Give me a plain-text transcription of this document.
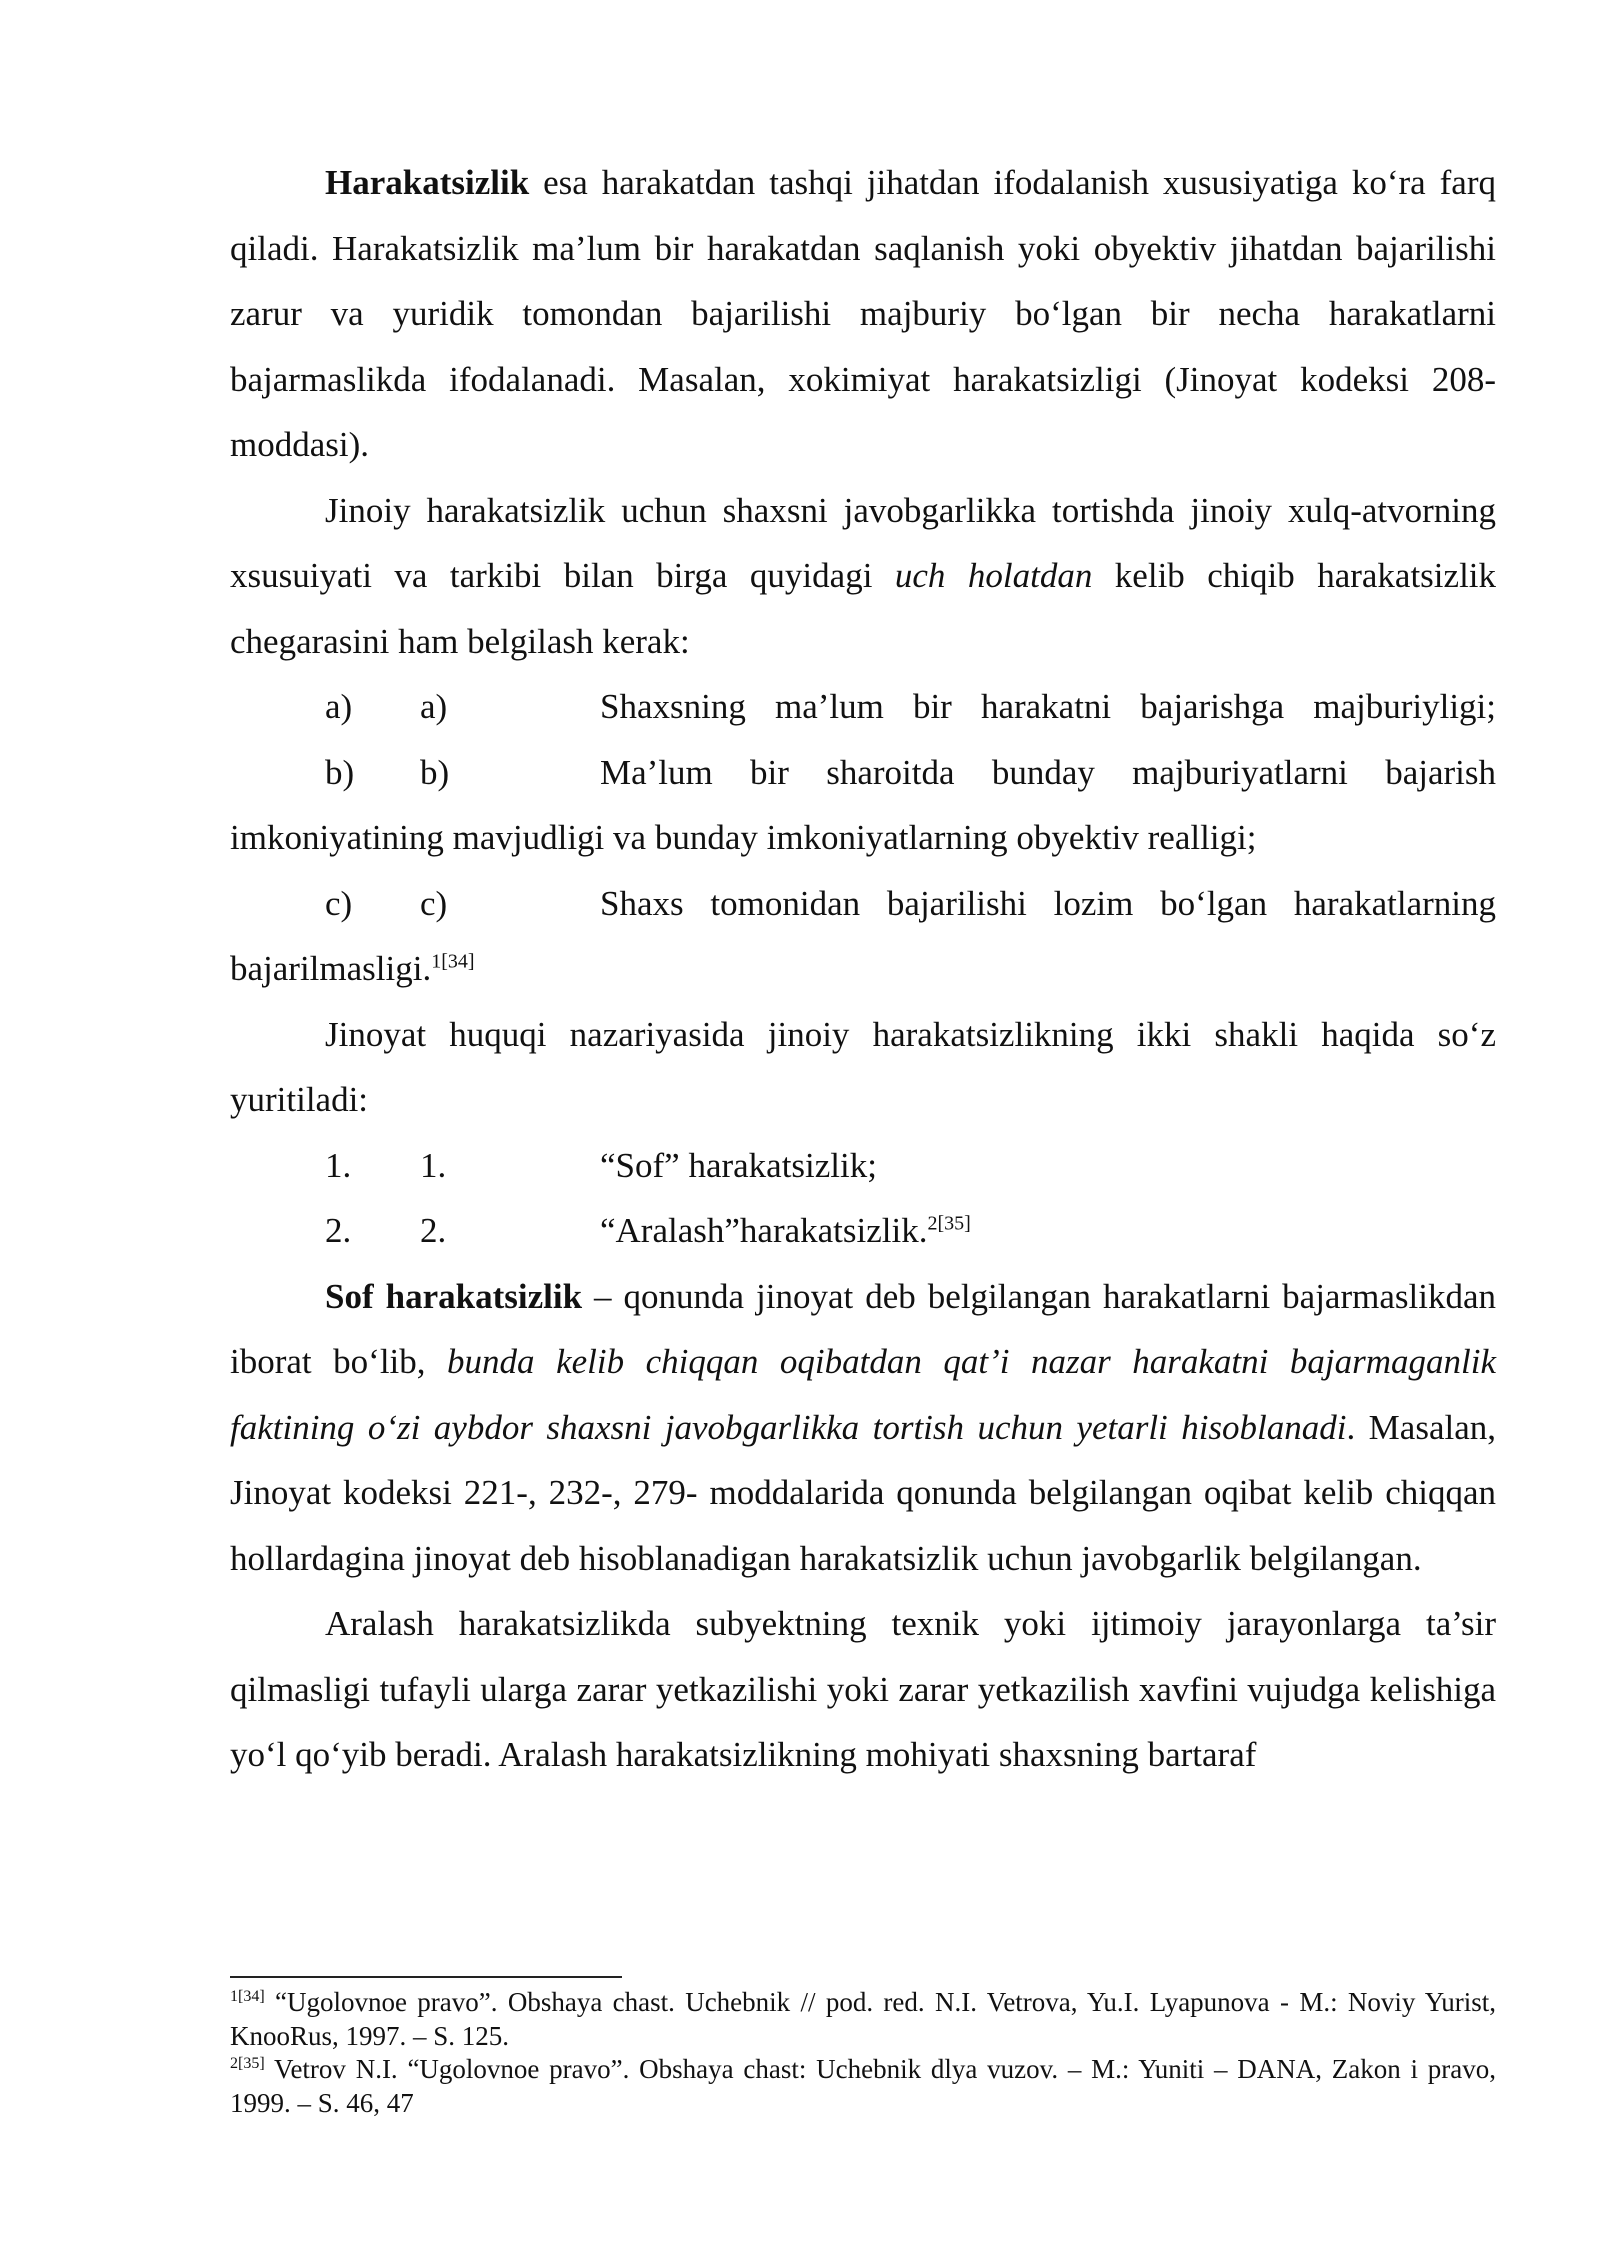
Harakatsizlik esa harakatdan tashqi jihatdan ifodalanish xususiyatiga ko‘ra farq qiladi. Harakatsizlik ma’lum bir harakatdan saqlanish yoki obyektiv jihatdan bajarilishi zarur va yuridik tomondan bajarilishi majburiy bo‘lgan bir necha harakatlarni bajarmaslikda ifodalanadi. Masalan, xokimiyat harakatsizligi (Jinoyat kodeksi 208- moddasi).

Jinoiy harakatsizlik uchun shaxsni javobgarlikka tortishda jinoiy xulq-atvorning xsusuiyati va tarkibi bilan birga quyidagi uch holatdan kelib chiqib harakatsizlik chegarasini ham belgilash kerak:

a)	a)	Shaxsning ma’lum bir harakatni bajarishga majburiyligi;

b) b)	Ma’lum bir sharoitda bunday majburiyatlarni bajarish imkoniyatining mavjudligi va bunday imkoniyatlarning obyektiv realligi;

c) c)	Shaxs tomonidan bajarilishi lozim bo‘lgan harakatlarning bajarilmasligi.$^{1[34]}$

Jinoyat huquqi nazariyasida jinoiy harakatsizlikning ikki shakli haqida so‘z yuritiladi:

1.	1.	“Sof” harakatsizlik;
2.	2.	“Aralash”harakatsizlik.$^{2[35]}$

Sof harakatsizlik – qonunda jinoyat deb belgilangan harakatlarni bajarmaslikdan iborat bo‘lib, bunda kelib chiqqan oqibatdan qat’i nazar harakatni bajarmaganlik faktining o‘zi aybdor shaxsni javobgarlikka tortish uchun yetarli hisoblanadi. Masalan, Jinoyat kodeksi 221-, 232-, 279- moddalarida qonunda belgilangan oqibat kelib chiqqan hollardagina jinoyat deb hisoblanadigan harakatsizlik uchun javobgarlik belgilangan.

Aralash harakatsizlikda subyektning texnik yoki ijtimoiy jarayonlarga ta’sir qilmasligi tufayli ularga zarar yetkazilishi yoki zarar yetkazilish xavfini vujudga kelishiga yo‘l qo‘yib beradi. Aralash harakatsizlikning mohiyati shaxsning bartaraf

$^{1[34]}$ “Ugolovnoe pravo”. Obshaya chast. Uchebnik // pod. red. N.I. Vetrova, Yu.I. Lyapunova - M.: Noviy Yurist, KnooRus, 1997. – S. 125.

$^{2[35]}$ Vetrov N.I. “Ugolovnoe pravo”. Obshaya chast: Uchebnik dlya vuzov. – M.: Yuniti – DANA, Zakon i pravo, 1999. – S. 46, 47
